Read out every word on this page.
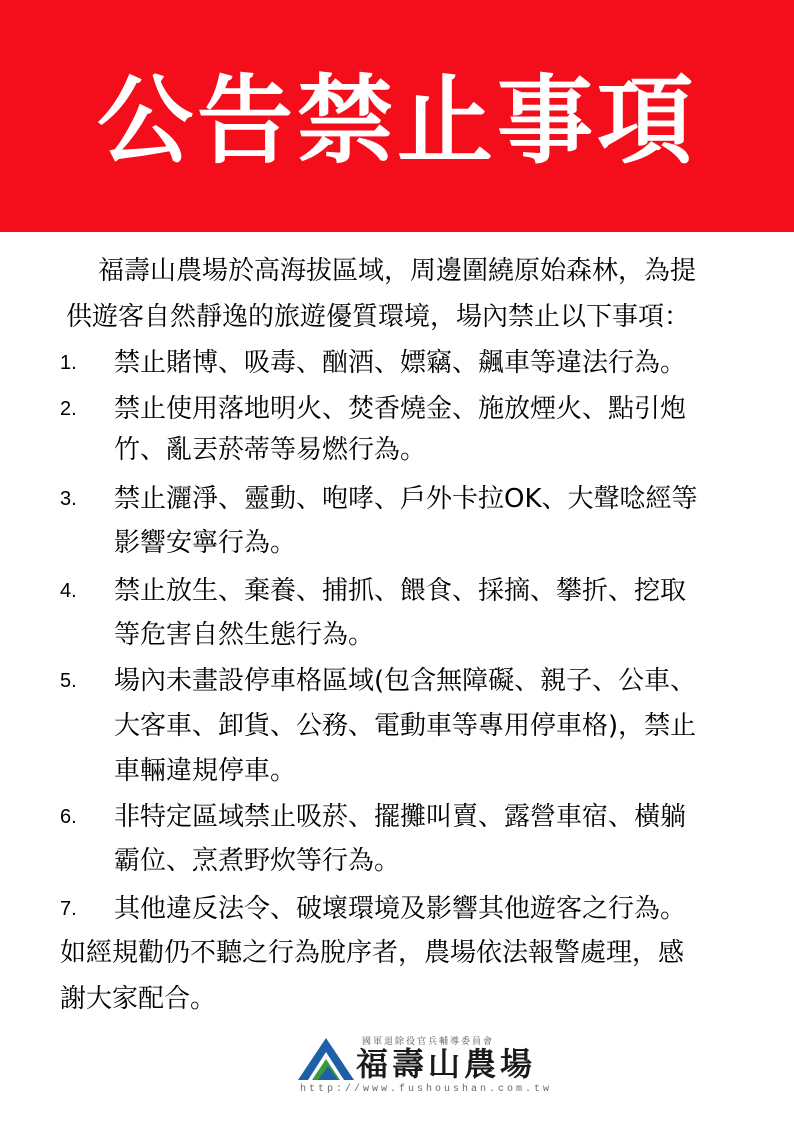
公告禁止事項
福壽山農場於高海拔區域，周邊圍繞原始森林，為提
供遊客自然靜逸的旅遊優質環境，場內禁止以下事項：
1. 禁止賭博、吸毒、酗酒、嫖竊、飆車等違法行為。
2. 禁止使用落地明火、焚香燒金、施放煙火、點引炮
竹、亂丟菸蒂等易燃行為。
3. 禁止灑淨、靈動、咆哮、戶外卡拉OK、大聲唸經等
影響安寧行為。
4. 禁止放生、棄養、捕抓、餵食、採摘、攀折、挖取
等危害自然生態行為。
5. 場內未畫設停車格區域(包含無障礙、親子、公車、
大客車、卸貨、公務、電動車等專用停車格)，禁止
車輛違規停車。
6. 非特定區域禁止吸菸、擺攤叫賣、露營車宿、橫躺
霸位、烹煮野炊等行為。
7. 其他違反法令、破壞環境及影響其他遊客之行為。
如經規勸仍不聽之行為脫序者，農場依法報警處理，感
謝大家配合。
國軍退除役官兵輔導委員會
福壽山農場
http://www.fushoushan.com.tw
